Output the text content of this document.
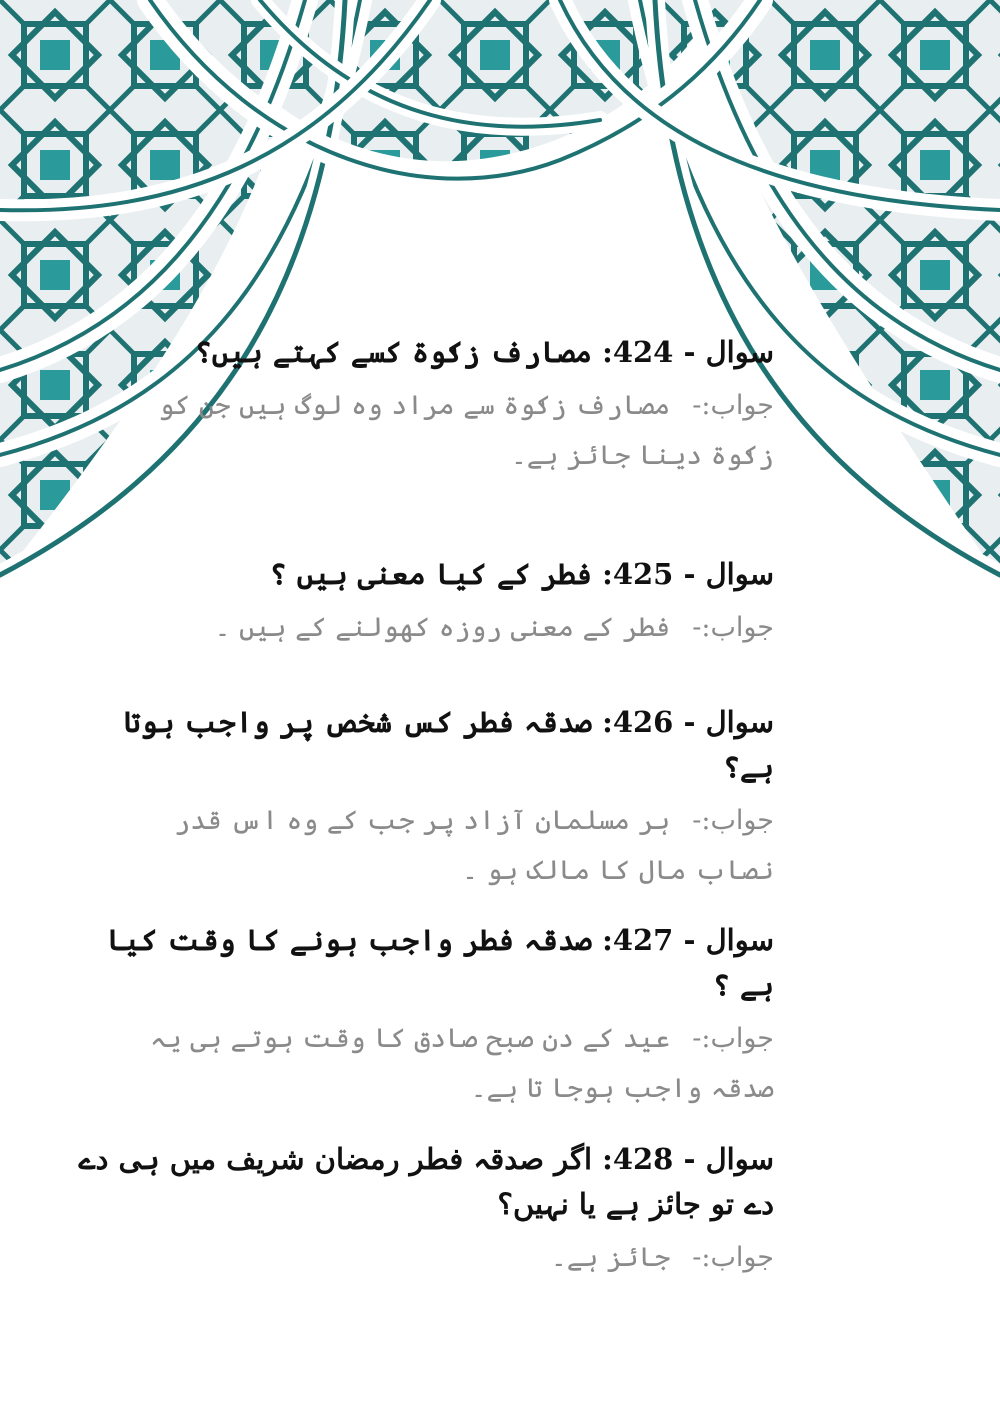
سوال - 424: مصارف زکٰوۃ کسے کہتے ہیں؟

جواب:-مصارف زکٰوۃ سے مراد وہ لوگ ہیں جن کو زکٰوۃ دینا جائز ہے۔

سوال - 425: فطر کے کیا معنی ہیں ؟

جواب:-فطر کے معنی روزہ کھولنے کے ہیں ۔

سوال - 426: صدقہ فطر کس شخص پر واجب ہوتا ہے؟

جواب:-ہر مسلمان آزاد پر جب کے وہ اس قدر نصاب مال کا مالک ہو ۔

سوال - 427: صدقہ فطر واجب ہونے کا وقت کیا ہے ؟

جواب:-عید کے دن صبح صادق کا وقت ہوتے ہی یہ صدقہ واجب ہوجا تا ہے۔

سوال - 428: اگر صدقہ فطر رمضان شریف میں ہی دے دے تو جائز ہے یا نہیں؟

جواب:-جائز ہے۔
